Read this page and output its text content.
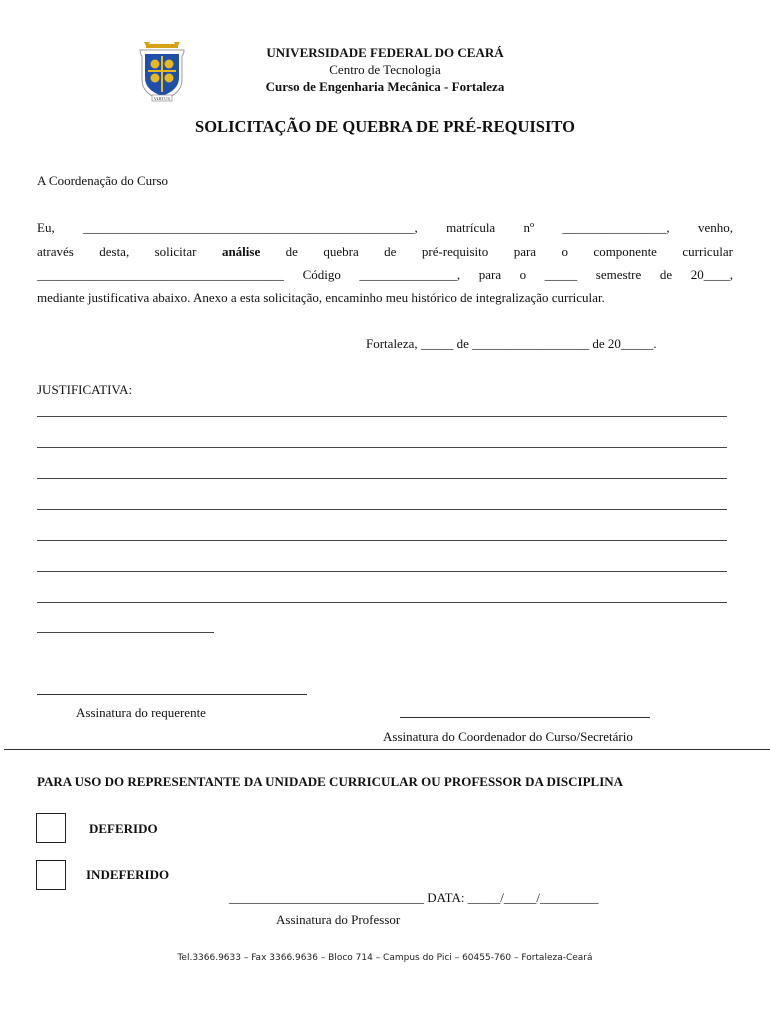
VIRTUS
UNIVERSIDADE FEDERAL DO CEARÁ
Centro de Tecnologia
Curso de Engenharia Mecânica - Fortaleza
SOLICITAÇÃO DE QUEBRA DE PRÉ-REQUISITO
A Coordenação do Curso
Eu, ___________________________________________________, matrícula nº ________________, venho,
através desta, solicitar análise de quebra de pré-requisito para o componente curricular
______________________________________ Código _______________, para o _____ semestre de 20____,
mediante justificativa abaixo. Anexo a esta solicitação, encaminho meu histórico de integralização curricular.
Fortaleza, _____ de __________________ de 20_____.
JUSTIFICATIVA:
Assinatura do requerente
Assinatura do Coordenador do Curso/Secretário
PARA USO DO REPRESENTANTE DA UNIDADE CURRICULAR OU PROFESSOR DA DISCIPLINA
DEFERIDO
INDEFERIDO
______________________________ DATA: _____/_____/_________
Assinatura do Professor
Tel.3366.9633 – Fax 3366.9636 – Bloco 714 – Campus do Pici – 60455-760 – Fortaleza-Ceará
